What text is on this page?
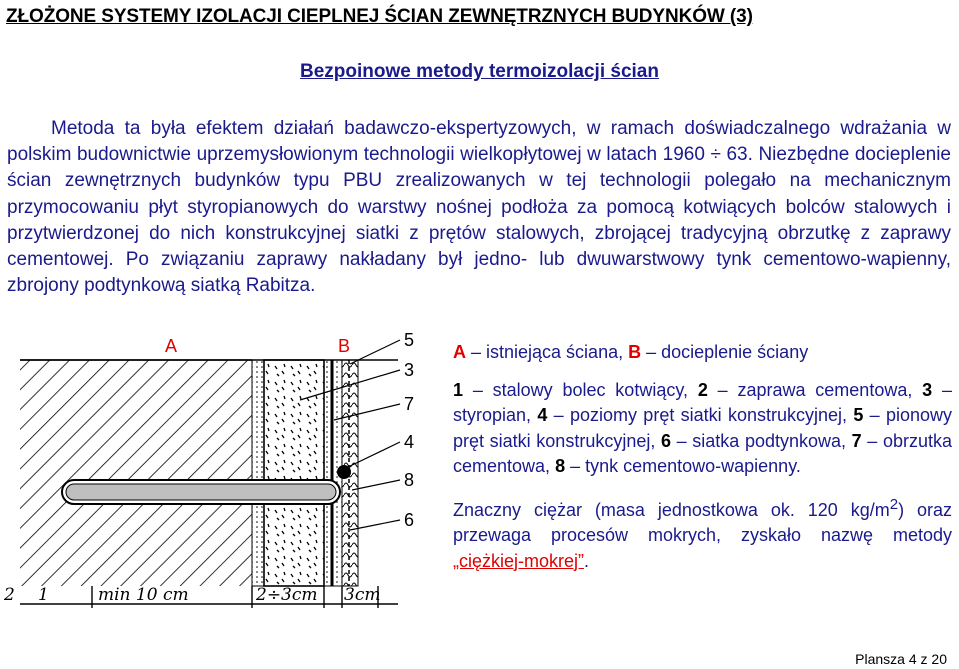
ZŁOŻONE SYSTEMY IZOLACJI CIEPLNEJ ŚCIAN ZEWNĘTRZNYCH BUDYNKÓW (3)
Bezpoinowe metody termoizolacji ścian
Metoda ta była efektem działań badawczo-ekspertyzowych, w ramach doświadczalnego wdrażania w polskim budownictwie uprzemysłowionym technologii wielkopłytowej w latach 1960 ÷ 63. Niezbędne docieplenie ścian zewnętrznych budynków typu PBU zrealizowanych w tej technologii polegało na mechanicznym przymocowaniu płyt styropianowych do warstwy nośnej podłoża za pomocą kotwiących bolców stalowych i przytwierdzonej do nich konstrukcyjnej siatki z prętów stalowych, zbrojącej tradycyjną obrzutkę z zaprawy cementowej. Po związaniu zaprawy nakładany był jedno- lub dwuwarstwowy tynk cementowo-wapienny, zbrojony podtynkową siatką Rabitza.
A	B	5
3
7
4
8
6
2 1	min 10 cm	2÷3cm 3cm

A – istniejąca ściana, B – docieplenie ściany

1 – stalowy bolec kotwiący, 2 – zaprawa cementowa, 3 – styropian, 4 – poziomy pręt siatki konstrukcyjnej, 5 – pionowy pręt siatki konstrukcyjnej, 6 – siatka podtynkowa, 7 – obrzutka cementowa, 8 – tynk cementowo-wapienny.

Znaczny ciężar (masa jednostkowa ok. 120 $kg/m^2$) oraz przewaga procesów mokrych, zyskało nazwę metody „ciężkiej-mokrej”.

Plansza 4 z 20
